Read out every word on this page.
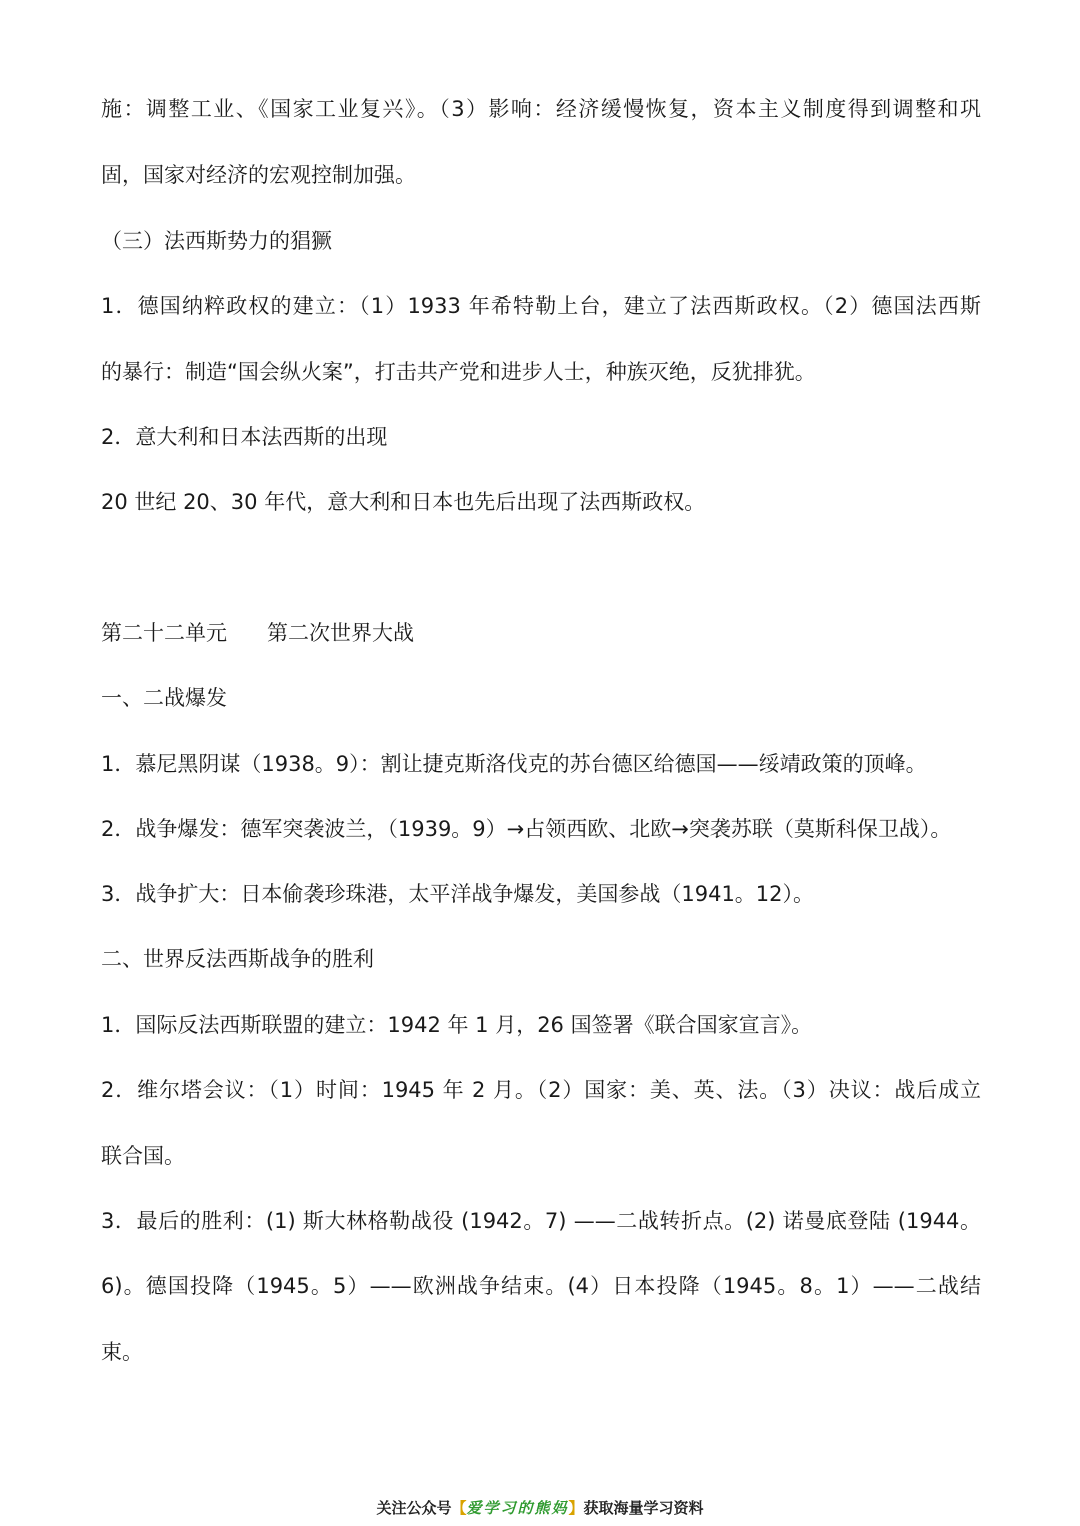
施：调整工业、《国家工业复兴》。（3）影响：经济缓慢恢复，资本主义制度得到调整和巩
固，国家对经济的宏观控制加强。
（三）法西斯势力的猖獗
1．德国纳粹政权的建立：（1）1933 年希特勒上台，建立了法西斯政权。（2）德国法西斯
的暴行：制造“国会纵火案”，打击共产党和进步人士，种族灭绝，反犹排犹。
2．意大利和日本法西斯的出现
20 世纪 20、30 年代，意大利和日本也先后出现了法西斯政权。
第二十二单元      第二次世界大战
一、二战爆发
1．慕尼黑阴谋（1938。9）：割让捷克斯洛伐克的苏台德区给德国——绥靖政策的顶峰。
2．战争爆发：德军突袭波兰，（1939。9）→占领西欧、北欧→突袭苏联（莫斯科保卫战）。
3．战争扩大：日本偷袭珍珠港，太平洋战争爆发，美国参战（1941。12）。
二、世界反法西斯战争的胜利
1．国际反法西斯联盟的建立：1942 年 1 月，26 国签署《联合国家宣言》。
2．维尔塔会议：（1）时间：1945 年 2 月。（2）国家：美、英、法。（3）决议：战后成立
联合国。
3．最后的胜利：(1) 斯大林格勒战役 (1942。7) ——二战转折点。(2) 诺曼底登陆 (1944。
6)。德国投降（1945。5）——欧洲战争结束。(4）日本投降（1945。8。1）——二战结
束。
关注公众号【爱学习的熊妈】获取海量学习资料
